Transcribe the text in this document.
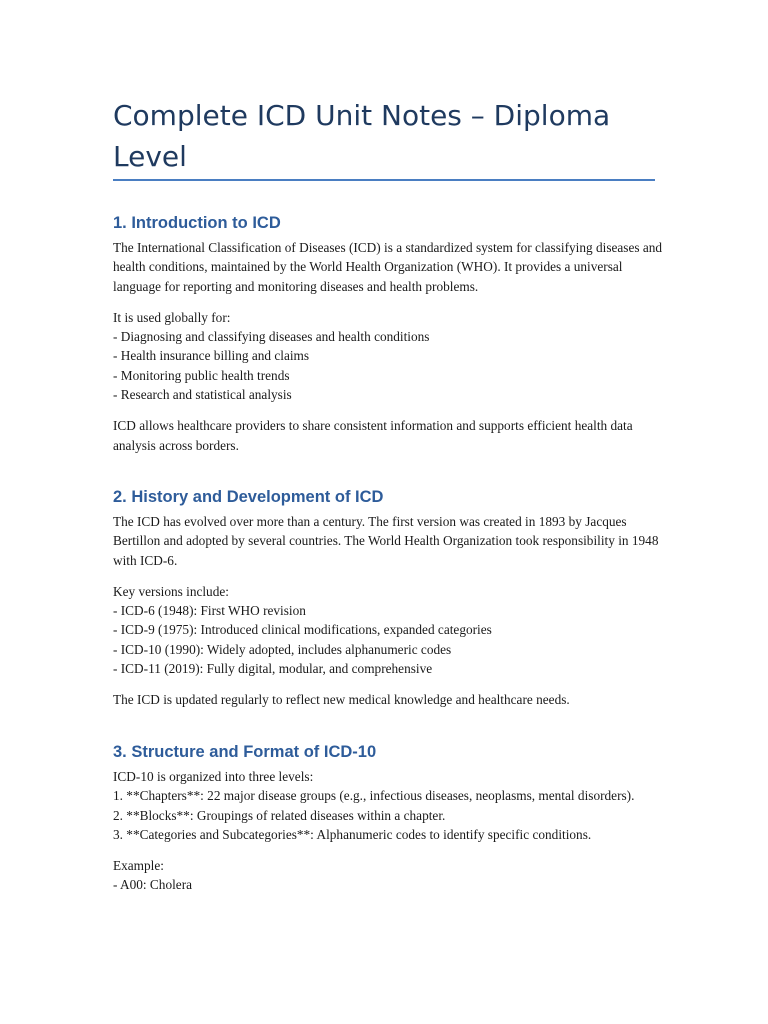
Complete ICD Unit Notes – Diploma Level
1. Introduction to ICD

The International Classification of Diseases (ICD) is a standardized system for classifying diseases and health conditions, maintained by the World Health Organization (WHO). It provides a universal language for reporting and monitoring diseases and health problems.

It is used globally for:
- Diagnosing and classifying diseases and health conditions
- Health insurance billing and claims
- Monitoring public health trends
- Research and statistical analysis

ICD allows healthcare providers to share consistent information and supports efficient health data analysis across borders.

2. History and Development of ICD

The ICD has evolved over more than a century. The first version was created in 1893 by Jacques Bertillon and adopted by several countries. The World Health Organization took responsibility in 1948 with ICD-6.

Key versions include:
- ICD-6 (1948): First WHO revision
- ICD-9 (1975): Introduced clinical modifications, expanded categories
- ICD-10 (1990): Widely adopted, includes alphanumeric codes
- ICD-11 (2019): Fully digital, modular, and comprehensive

The ICD is updated regularly to reflect new medical knowledge and healthcare needs.

3. Structure and Format of ICD-10

ICD-10 is organized into three levels:
1. **Chapters**: 22 major disease groups (e.g., infectious diseases, neoplasms, mental disorders).
2. **Blocks**: Groupings of related diseases within a chapter.
3. **Categories and Subcategories**: Alphanumeric codes to identify specific conditions.

Example:
- A00: Cholera
